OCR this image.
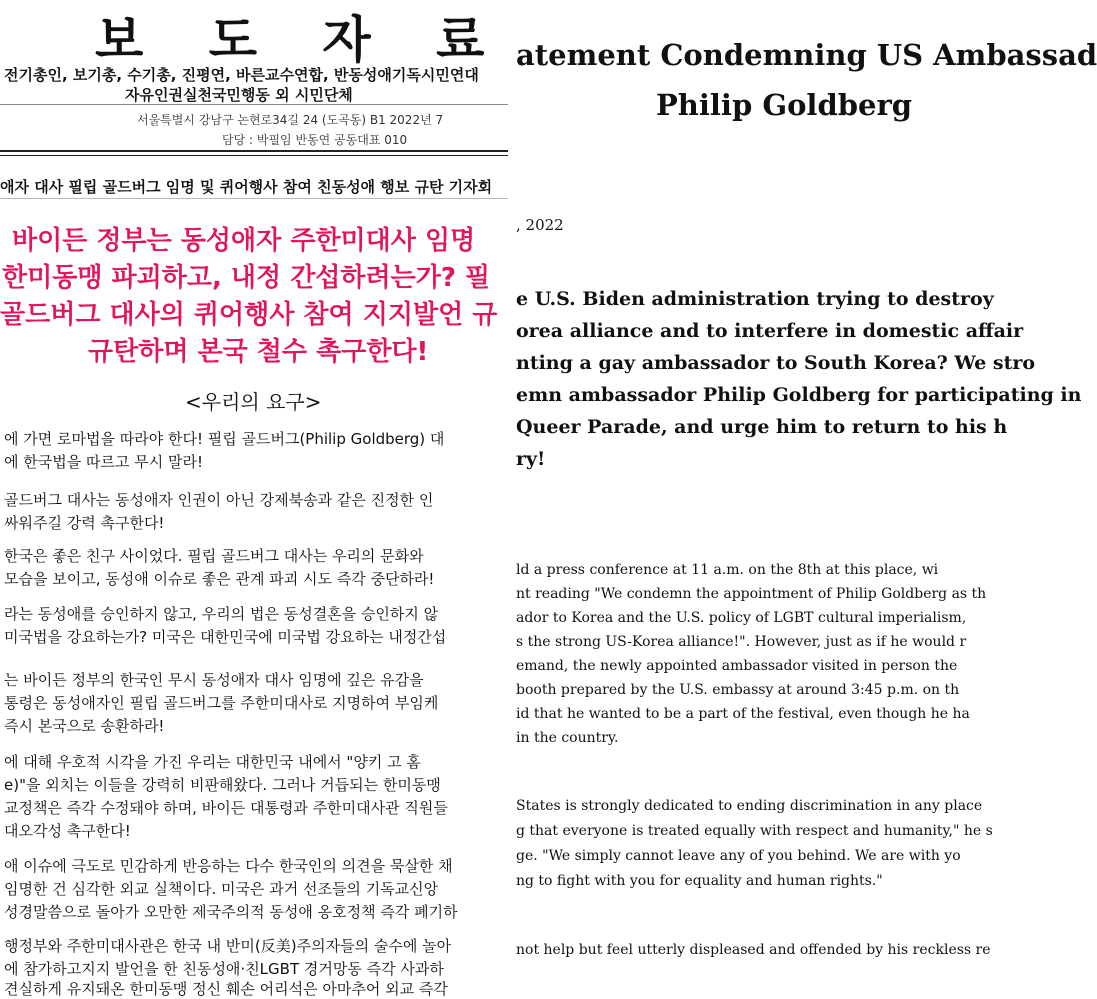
보 도 자 료
전기총인, 보기총, 수기총, 진평연, 바른교수연합, 반동성애기독시민연대
자유인권실천국민행동 외 시민단체
서울특별시 강남구 논현로34길 24 (도곡동) B1 2022년 7
담당 : 박필임 반동연 공동대표 010
애자 대사 필립 골드버그 임명 및 퀴어행사 참여 친동성애 행보 규탄 기자회
바이든 정부는 동성애자 주한미대사 임명
한미동맹 파괴하고, 내정 간섭하려는가? 필
골드버그 대사의 퀴어행사 참여 지지발언 규
규탄하며 본국 철수 촉구한다!
<우리의 요구>
에 가면 로마법을 따라야 한다! 필립 골드버그(Philip Goldberg) 대
에 한국법을 따르고 무시 말라!
골드버그 대사는 동성애자 인권이 아닌 강제북송과 같은 진정한 인
싸워주길 강력 촉구한다!
한국은 좋은 친구 사이었다. 필립 골드버그 대사는 우리의 문화와
모습을 보이고, 동성애 이슈로 좋은 관계 파괴 시도 즉각 중단하라!
라는 동성애를 승인하지 않고, 우리의 법은 동성결혼을 승인하지 않
미국법을 강요하는가? 미국은 대한민국에 미국법 강요하는 내정간섭
는 바이든 정부의 한국인 무시 동성애자 대사 임명에 깊은 유감을
통령은 동성애자인 필립 골드버그를 주한미대사로 지명하여 부임케
즉시 본국으로 송환하라!
에 대해 우호적 시각을 가진 우리는 대한민국 내에서 "양키 고 홈
e)"을 외치는 이들을 강력히 비판해왔다. 그러나 거듭되는 한미동맹
교정책은 즉각 수정돼야 하며, 바이든 대통령과 주한미대사관 직원들
대오각성 촉구한다!
애 이슈에 극도로 민감하게 반응하는 다수 한국인의 의견을 묵살한 채
임명한 건 심각한 외교 실책이다. 미국은 과거 선조들의 기독교신앙
성경말씀으로 돌아가 오만한 제국주의적 동성애 옹호정책 즉각 폐기하
행정부와 주한미대사관은 한국 내 반미(反美)주의자들의 술수에 놀아
에 참가하고지지 발언을 한 친동성애·친LGBT 경거망동 즉각 사과하
견실하게 유지돼온 한미동맹 정신 훼손 어리석은 아마추어 외교 즉각
atement Condemning US Ambassad
Philip Goldberg
, 2022
e U.S. Biden administration trying to destroy
orea alliance and to interfere in domestic affair
nting a gay ambassador to South Korea? We stro
emn ambassador Philip Goldberg for participating in
Queer Parade, and urge him to return to his h
ry!
ld a press conference at 11 a.m. on the 8th at this place, wi
nt reading "We condemn the appointment of Philip Goldberg as th
ador to Korea and the U.S. policy of LGBT cultural imperialism,
s the strong US-Korea alliance!". However, just as if he would r
emand, the newly appointed ambassador visited in person the
booth prepared by the U.S. embassy at around 3:45 p.m. on th
id that he wanted to be a part of the festival, even though he ha
in the country.
States is strongly dedicated to ending discrimination in any place
g that everyone is treated equally with respect and humanity," he s
ge. "We simply cannot leave any of you behind. We are with yo
ng to fight with you for equality and human rights."
not help but feel utterly displeased and offended by his reckless re
